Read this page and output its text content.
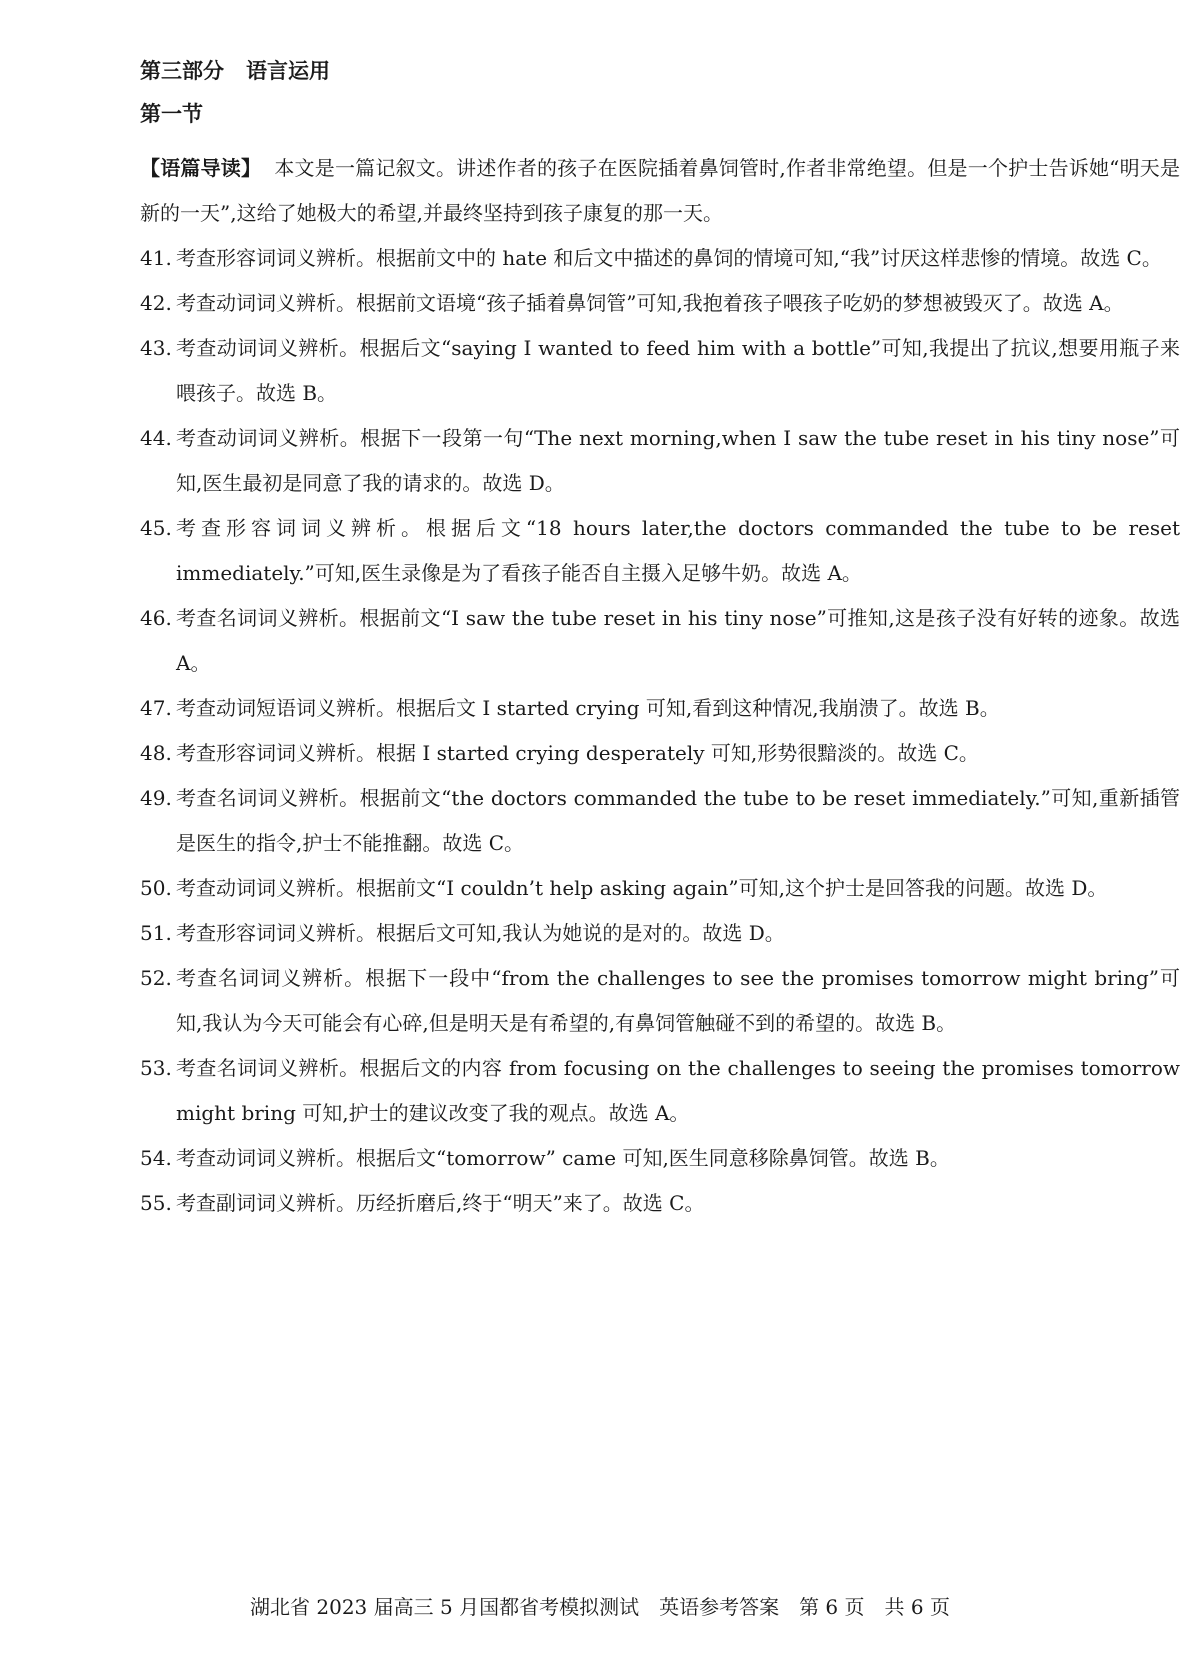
第三部分 语言运用
第一节
【语篇导读】 本文是一篇记叙文。讲述作者的孩子在医院插着鼻饲管时,作者非常绝望。但是一个护士告诉她“明天是新的一天”,这给了她极大的希望,并最终坚持到孩子康复的那一天。
41. 考查形容词词义辨析。根据前文中的 hate 和后文中描述的鼻饲的情境可知,“我”讨厌这样悲惨的情境。故选 C。
42. 考查动词词义辨析。根据前文语境“孩子插着鼻饲管”可知,我抱着孩子喂孩子吃奶的梦想被毁灭了。故选 A。
43. 考查动词词义辨析。根据后文“saying I wanted to feed him with a bottle”可知,我提出了抗议,想要用瓶子来喂孩子。故选 B。
44. 考查动词词义辨析。根据下一段第一句“The next morning,when I saw the tube reset in his tiny nose”可知,医生最初是同意了我的请求的。故选 D。
45. 考查形容词词义辨析。根据后文“18 hours later,the doctors commanded the tube to be reset immediately.”可知,医生录像是为了看孩子能否自主摄入足够牛奶。故选 A。
46. 考查名词词义辨析。根据前文“I saw the tube reset in his tiny nose”可推知,这是孩子没有好转的迹象。故选 A。
47. 考查动词短语词义辨析。根据后文 I started crying 可知,看到这种情况,我崩溃了。故选 B。
48. 考查形容词词义辨析。根据 I started crying desperately 可知,形势很黯淡的。故选 C。
49. 考查名词词义辨析。根据前文“the doctors commanded the tube to be reset immediately.”可知,重新插管是医生的指令,护士不能推翻。故选 C。
50. 考查动词词义辨析。根据前文“I couldn’t help asking again”可知,这个护士是回答我的问题。故选 D。
51. 考查形容词词义辨析。根据后文可知,我认为她说的是对的。故选 D。
52. 考查名词词义辨析。根据下一段中“from the challenges to see the promises tomorrow might bring”可知,我认为今天可能会有心碎,但是明天是有希望的,有鼻饲管触碰不到的希望的。故选 B。
53. 考查名词词义辨析。根据后文的内容 from focusing on the challenges to seeing the promises tomorrow might bring 可知,护士的建议改变了我的观点。故选 A。
54. 考查动词词义辨析。根据后文“tomorrow” came 可知,医生同意移除鼻饲管。故选 B。
55. 考查副词词义辨析。历经折磨后,终于“明天”来了。故选 C。
湖北省 2023 届高三 5 月国都省考模拟测试 英语参考答案 第 6 页 共 6 页
